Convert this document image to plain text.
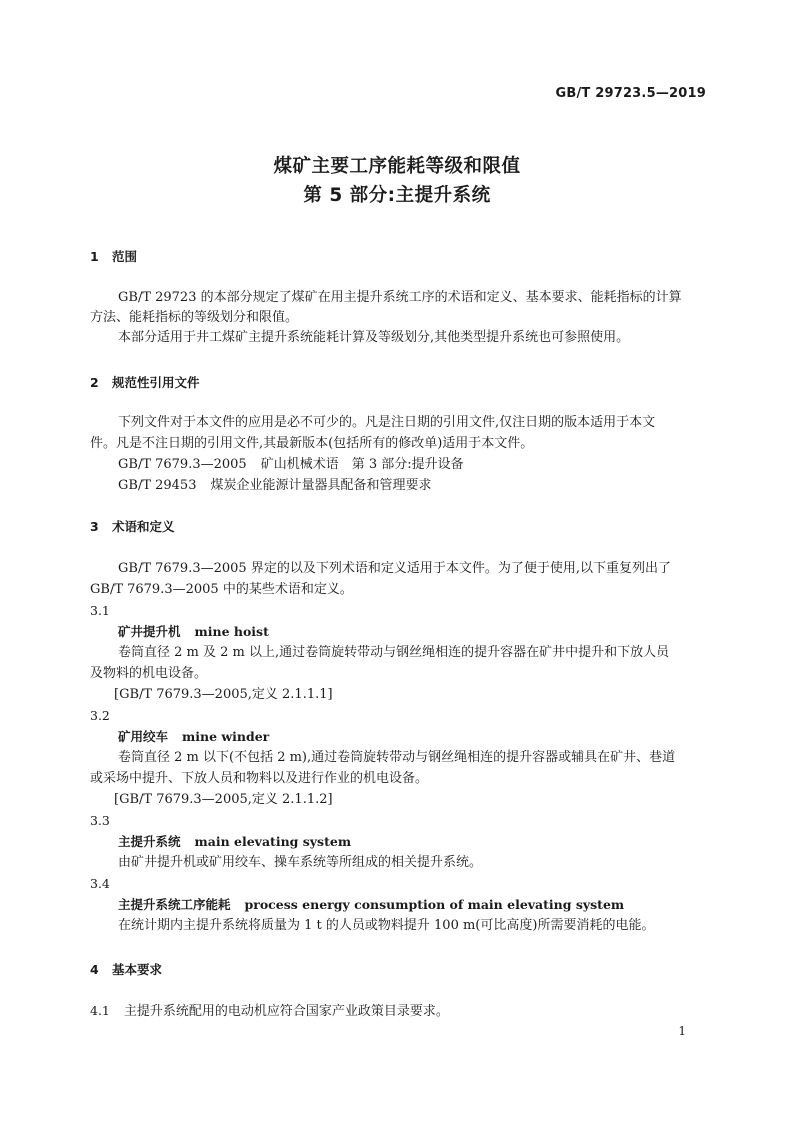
GB/T 29723.5—2019
煤矿主要工序能耗等级和限值
第 5 部分:主提升系统
1 范围
GB/T 29723 的本部分规定了煤矿在用主提升系统工序的术语和定义、基本要求、能耗指标的计算
方法、能耗指标的等级划分和限值。
本部分适用于井工煤矿主提升系统能耗计算及等级划分,其他类型提升系统也可参照使用。
2 规范性引用文件
下列文件对于本文件的应用是必不可少的。凡是注日期的引用文件,仅注日期的版本适用于本文
件。凡是不注日期的引用文件,其最新版本(包括所有的修改单)适用于本文件。
GB/T 7679.3—2005 矿山机械术语　第 3 部分:提升设备
GB/T 29453 煤炭企业能源计量器具配备和管理要求
3 术语和定义
GB/T 7679.3—2005 界定的以及下列术语和定义适用于本文件。为了便于使用,以下重复列出了
GB/T 7679.3—2005 中的某些术语和定义。
3.1
矿井提升机 mine hoist
卷筒直径 2 m 及 2 m 以上,通过卷筒旋转带动与钢丝绳相连的提升容器在矿井中提升和下放人员
及物料的机电设备。
[GB/T 7679.3—2005,定义 2.1.1.1]
3.2
矿用绞车 mine winder
卷筒直径 2 m 以下(不包括 2 m),通过卷筒旋转带动与钢丝绳相连的提升容器或辅具在矿井、巷道
或采场中提升、下放人员和物料以及进行作业的机电设备。
[GB/T 7679.3—2005,定义 2.1.1.2]
3.3
主提升系统 main elevating system
由矿井提升机或矿用绞车、操车系统等所组成的相关提升系统。
3.4
主提升系统工序能耗 process energy consumption of main elevating system
在统计期内主提升系统将质量为 1 t 的人员或物料提升 100 m(可比高度)所需要消耗的电能。
4 基本要求
4.1 主提升系统配用的电动机应符合国家产业政策目录要求。
1
